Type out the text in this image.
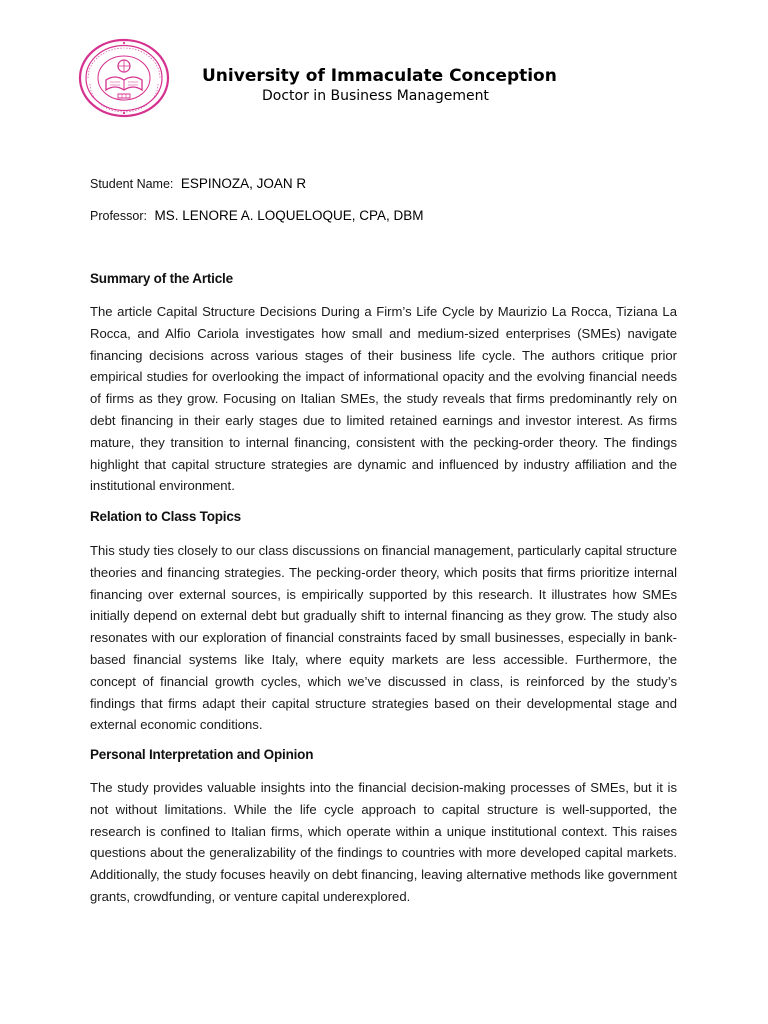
University of Immaculate Conception
Doctor in Business Management
Student Name: ESPINOZA, JOAN R
Professor: MS. LENORE A. LOQUELOQUE, CPA, DBM
Summary of the Article

The article Capital Structure Decisions During a Firm’s Life Cycle by Maurizio La Rocca, Tiziana La Rocca, and Alfio Cariola investigates how small and medium-sized enterprises (SMEs) navigate financing decisions across various stages of their business life cycle. The authors critique prior empirical studies for overlooking the impact of informational opacity and the evolving financial needs of firms as they grow. Focusing on Italian SMEs, the study reveals that firms predominantly rely on debt financing in their early stages due to limited retained earnings and investor interest. As firms mature, they transition to internal financing, consistent with the pecking-order theory. The findings highlight that capital structure strategies are dynamic and influenced by industry affiliation and the institutional environment.

Relation to Class Topics

This study ties closely to our class discussions on financial management, particularly capital structure theories and financing strategies. The pecking-order theory, which posits that firms prioritize internal financing over external sources, is empirically supported by this research. It illustrates how SMEs initially depend on external debt but gradually shift to internal financing as they grow. The study also resonates with our exploration of financial constraints faced by small businesses, especially in bank-based financial systems like Italy, where equity markets are less accessible. Furthermore, the concept of financial growth cycles, which we’ve discussed in class, is reinforced by the study’s findings that firms adapt their capital structure strategies based on their developmental stage and external economic conditions.

Personal Interpretation and Opinion

The study provides valuable insights into the financial decision-making processes of SMEs, but it is not without limitations. While the life cycle approach to capital structure is well-supported, the research is confined to Italian firms, which operate within a unique institutional context. This raises questions about the generalizability of the findings to countries with more developed capital markets. Additionally, the study focuses heavily on debt financing, leaving alternative methods like government grants, crowdfunding, or venture capital underexplored.
